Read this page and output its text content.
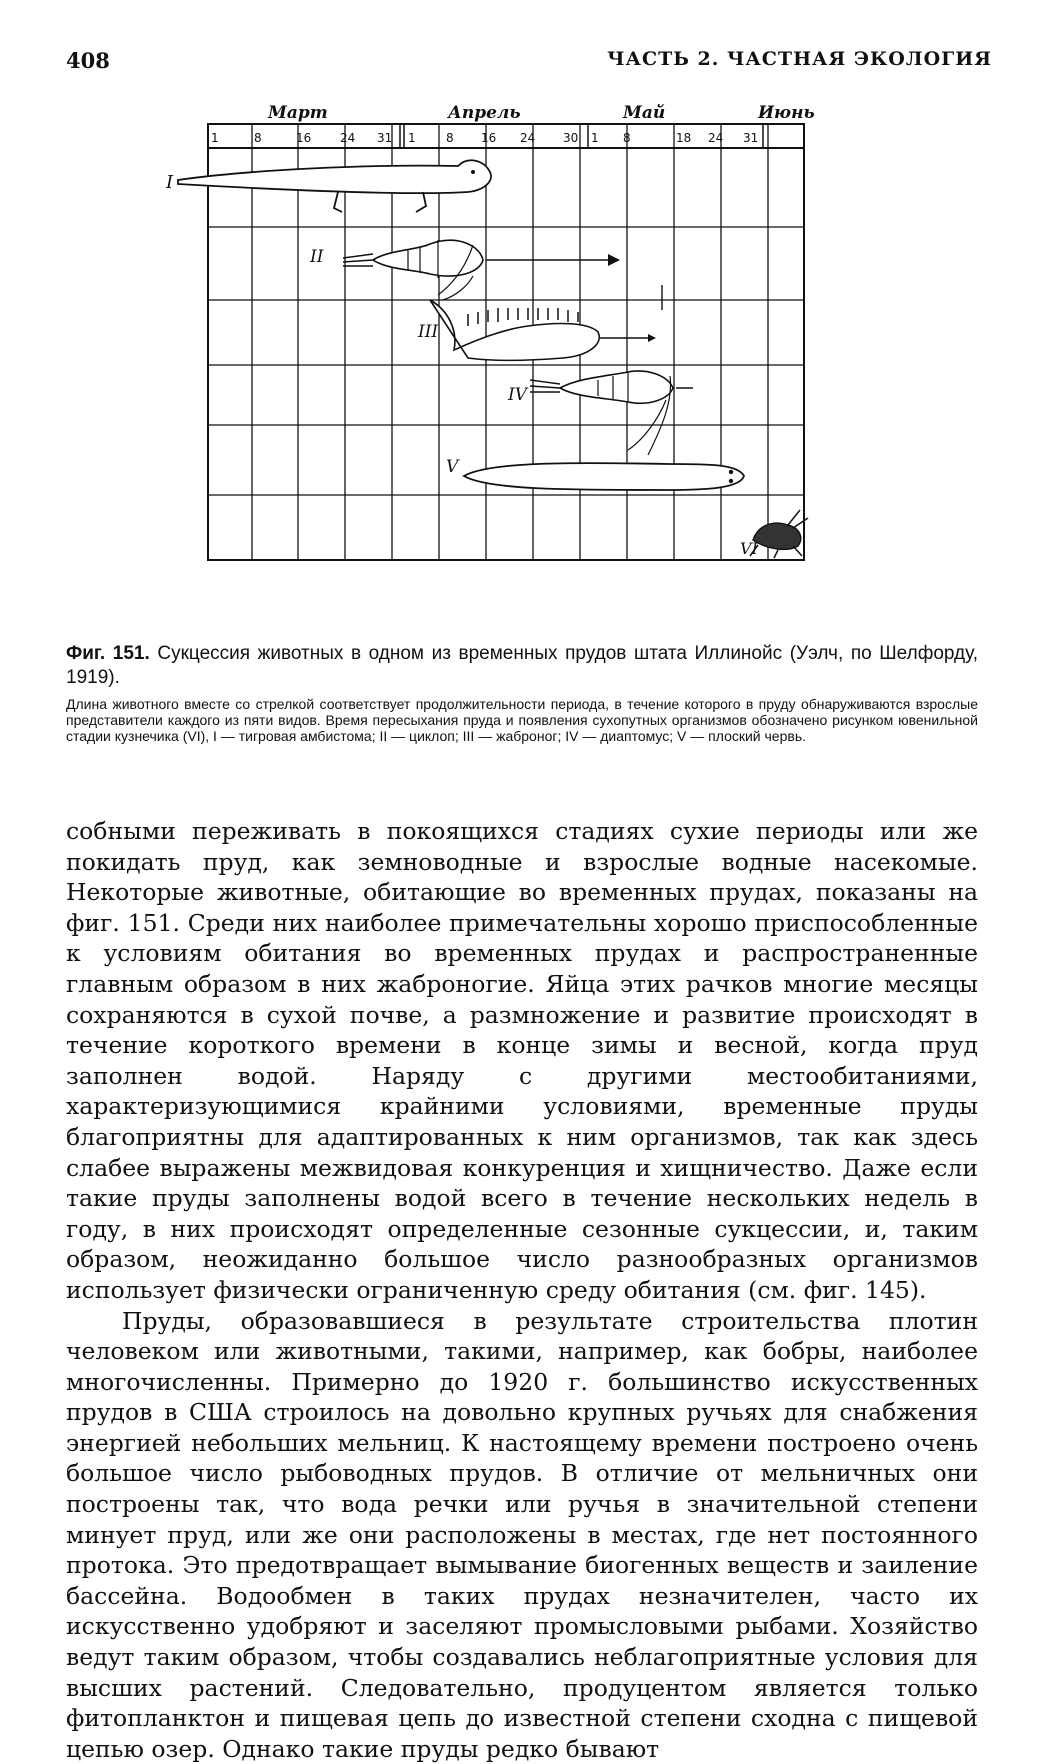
408	ЧАСТЬ 2. ЧАСТНАЯ ЭКОЛОГИЯ
Март	Апрель	Май	Июнь
1	8	16 24 31 1	8 16 24 30 1 8	18 24 31
I
II
III
IV
V
VI

Фиг. 151. Сукцессия животных в одном из временных прудов штата Иллинойс (Уэлч, по Шелфорду, 1919).

Длина животного вместе со стрелкой соответствует продолжительности периода, в течение которого в пруду обнаруживаются взрослые представители каждого из пяти видов. Время пересыхания пруда и появления сухопутных организмов обозначено рисунком ювенильной стадии кузнечика (VI), I — тигровая амбистома; II — циклоп; III — жаброног; IV — диаптомус; V — плоский червь.

собными переживать в покоящихся стадиях сухие периоды или же покидать пруд, как земноводные и взрослые водные насекомые. Некоторые животные, обитающие во временных прудах, показаны на фиг. 151. Среди них наиболее примечательны хорошо приспособленные к условиям обитания во временных прудах и распространенные главным образом в них жаброногие. Яйца этих рачков многие месяцы сохраняются в сухой почве, а размножение и развитие происходят в течение короткого времени в конце зимы и весной, когда пруд заполнен водой. Наряду с другими местообитаниями, характеризующимися крайними условиями, временные пруды благоприятны для адаптированных к ним организмов, так как здесь слабее выражены межвидовая конкуренция и хищничество. Даже если такие пруды заполнены водой всего в течение нескольких недель в году, в них происходят определенные сезонные сукцессии, и, таким образом, неожиданно большое число разнообразных организмов использует физически ограниченную среду обитания (см. фиг. 145).

Пруды, образовавшиеся в результате строительства плотин человеком или животными, такими, например, как бобры, наиболее многочисленны. Примерно до 1920 г. большинство искусственных прудов в США строилось на довольно крупных ручьях для снабжения энергией небольших мельниц. К настоящему времени построено очень большое число рыбоводных прудов. В отличие от мельничных они построены так, что вода речки или ручья в значительной степени минует пруд, или же они расположены в местах, где нет постоянного протока. Это предотвращает вымывание биогенных веществ и заиление бассейна. Водообмен в таких прудах незначителен, часто их искусственно удобряют и заселяют промысловыми рыбами. Хозяйство ведут таким образом, чтобы создавались неблагоприятные условия для высших растений. Следовательно, продуцентом является только фитопланктон и пищевая цепь до известной степени сходна с пищевой цепью озер. Однако такие пруды редко бывают
